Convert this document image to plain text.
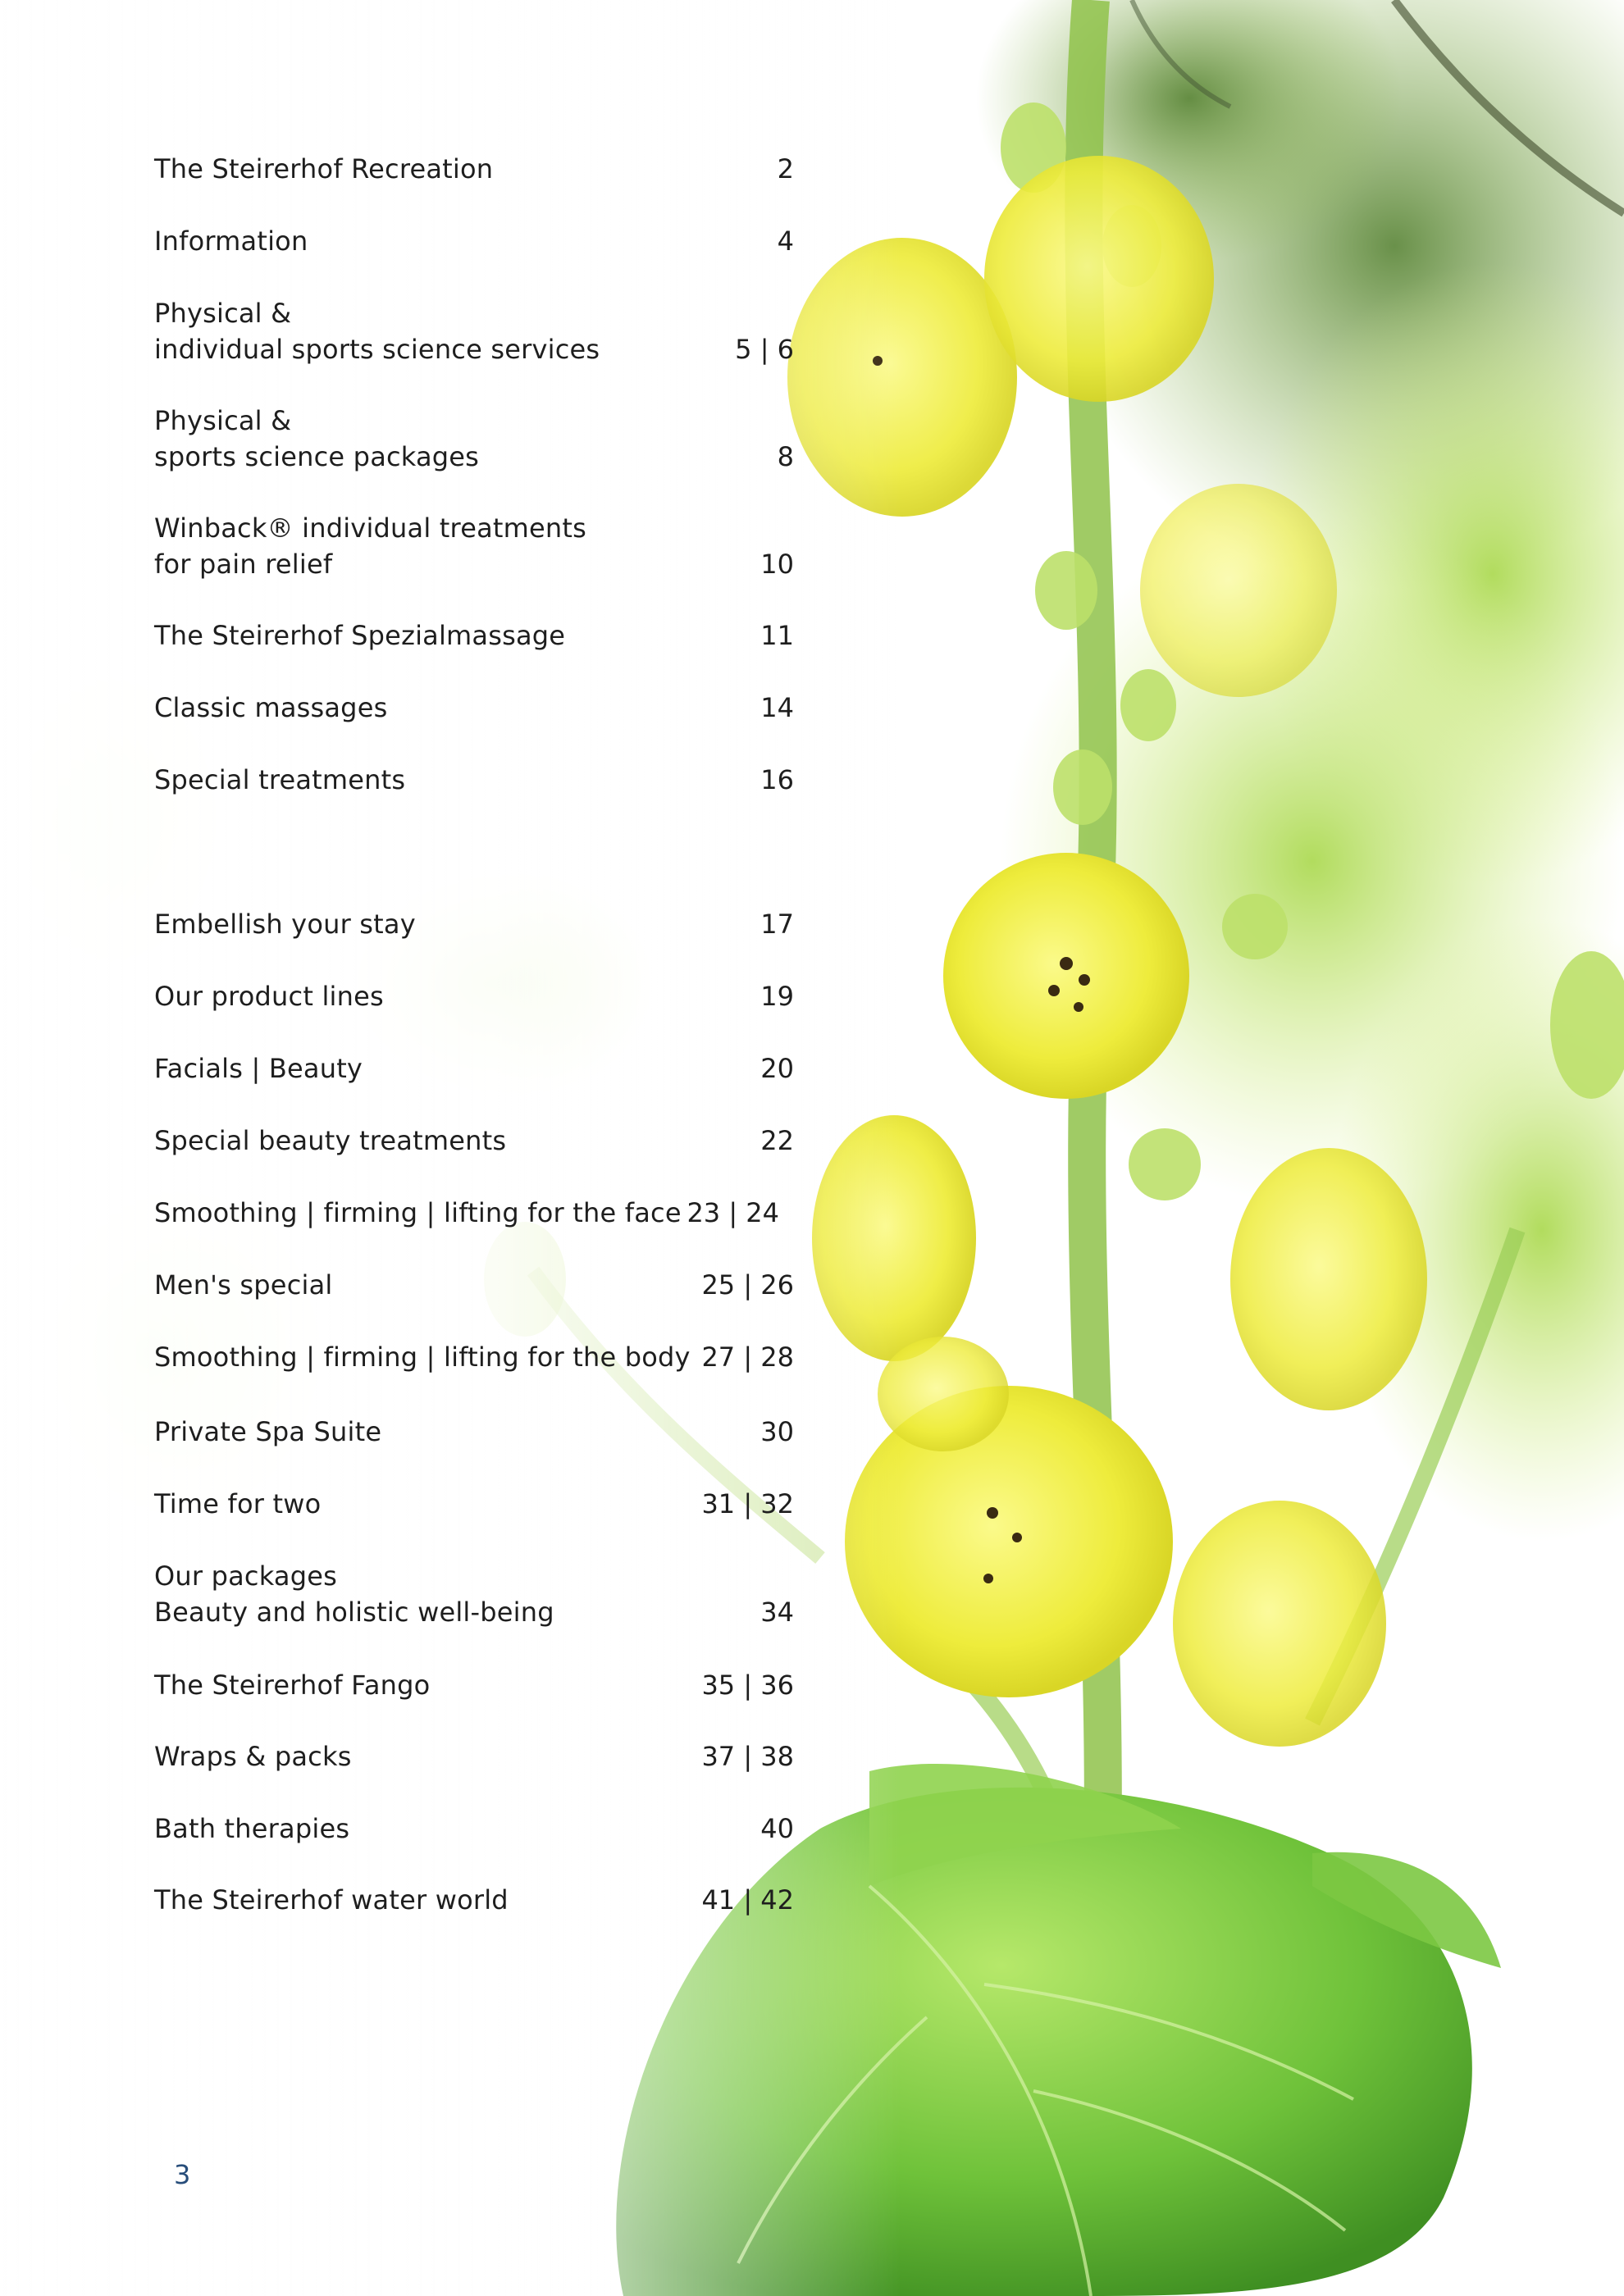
The Steirerhof Recreation	2
Information	4
Physical &
individual sports science services	5 | 6
Physical &
sports science packages	8
Winback® individual treatments
for pain relief	10
The Steirerhof Spezialmassage	11
Classic massages	14
Special treatments	16
Embellish your stay	17
Our product lines	19
Facials | Beauty	20
Special beauty treatments	22
Smoothing | firming | lifting for the face 23 | 24
Men's special	25 | 26
Smoothing | firming | lifting for the body 27 | 28
Private Spa Suite	30
Time for two	31 | 32
Our packages
Beauty and holistic well-being	34
The Steirerhof Fango	35 | 36
Wraps & packs	37 | 38
Bath therapies	40
The Steirerhof water world	41 | 42
3
